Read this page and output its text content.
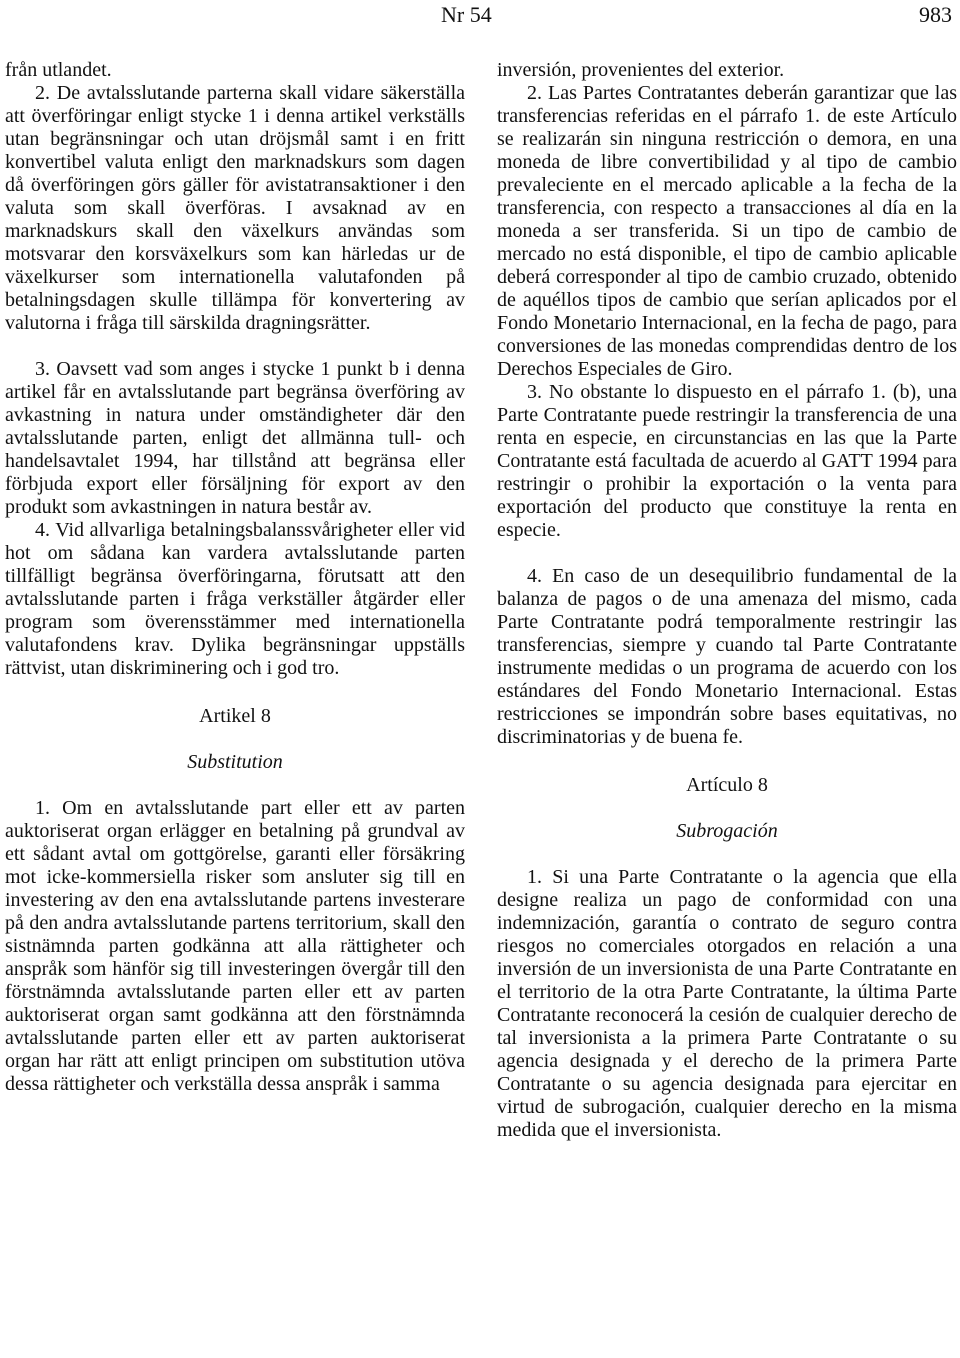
Nr 54	983

från utlandet.

2. De avtalsslutande parterna skall vidare säkerställa att överföringar enligt stycke 1 i denna artikel verkställs utan begränsningar och utan dröjsmål samt i en fritt konvertibel valuta enligt den marknadskurs som dagen då överföringen görs gäller för avistatransaktioner i den valuta som skall överföras. I avsaknad av en marknadskurs skall den växelkurs användas som motsvarar den korsväxelkurs som kan härledas ur de växelkurser som internationella valutafonden på betalningsdagen skulle tillämpa för konvertering av valutorna i fråga till särskilda dragningsrätter.

3. Oavsett vad som anges i stycke 1 punkt b i denna artikel får en avtalsslutande part begränsa överföring av avkastning in natura under omständigheter där den avtalsslutande parten, enligt det allmänna tull- och handelsavtalet 1994, har tillstånd att begränsa eller förbjuda export eller försäljning för export av den produkt som avkastningen in natura består av.

4. Vid allvarliga betalningsbalanssvårigheter eller vid hot om sådana kan vardera avtalsslutande parten tillfälligt begränsa överföringarna, förutsatt att den avtalsslutande parten i fråga verkställer åtgärder eller program som överensstämmer med internationella valutafondens krav. Dylika begränsningar uppställs rättvist, utan diskriminering och i god tro.

Artikel 8

Substitution

1. Om en avtalsslutande part eller ett av parten auktoriserat organ erlägger en betalning på grundval av ett sådant avtal om gottgörelse, garanti eller försäkring mot icke-kommersiella risker som ansluter sig till en investering av den ena avtalsslutande partens investerare på den andra avtalsslutande partens territorium, skall den sistnämnda parten godkänna att alla rättigheter och anspråk som hänför sig till investeringen övergår till den förstnämnda avtalsslutande parten eller ett av parten auktoriserat organ samt godkänna att den förstnämnda avtalsslutande parten eller ett av parten auktoriserat organ har rätt att enligt principen om substitution utöva dessa rättigheter och verkställa dessa anspråk i samma

inversión, provenientes del exterior.

2. Las Partes Contratantes deberán garantizar que las transferencias referidas en el párrafo 1. de este Artículo se realizarán sin ninguna restricción o demora, en una moneda de libre convertibilidad y al tipo de cambio prevaleciente en el mercado aplicable a la fecha de la transferencia, con respecto a transacciones al día en la moneda a ser transferida. Si un tipo de cambio de mercado no está disponible, el tipo de cambio aplicable deberá corresponder al tipo de cambio cruzado, obtenido de aquéllos tipos de cambio que serían aplicados por el Fondo Monetario Internacional, en la fecha de pago, para conversiones de las monedas comprendidas dentro de los Derechos Especiales de Giro.

3. No obstante lo dispuesto en el párrafo 1. (b), una Parte Contratante puede restringir la transferencia de una renta en especie, en circunstancias en las que la Parte Contratante está facultada de acuerdo al GATT 1994 para restringir o prohibir la exportación o la venta para exportación del producto que constituye la renta en especie.

4. En caso de un desequilibrio fundamental de la balanza de pagos o de una amenaza del mismo, cada Parte Contratante podrá temporalmente restringir las transferencias, siempre y cuando tal Parte Contratante instrumente medidas o un programa de acuerdo con los estándares del Fondo Monetario Internacional. Estas restricciones se impondrán sobre bases equitativas, no discriminatorias y de buena fe.

Artículo 8

Subrogación

1. Si una Parte Contratante o la agencia que ella designe realiza un pago de conformidad con una indemnización, garantía o contrato de seguro contra riesgos no comerciales otorgados en relación a una inversión de un inversionista de una Parte Contratante en el territorio de la otra Parte Contratante, la última Parte Contratante reconocerá la cesión de cualquier derecho de tal inversionista a la primera Parte Contratante o su agencia designada y el derecho de la primera Parte Contratante o su agencia designada para ejercitar en virtud de subrogación, cualquier derecho en la misma medida que el inversionista.
